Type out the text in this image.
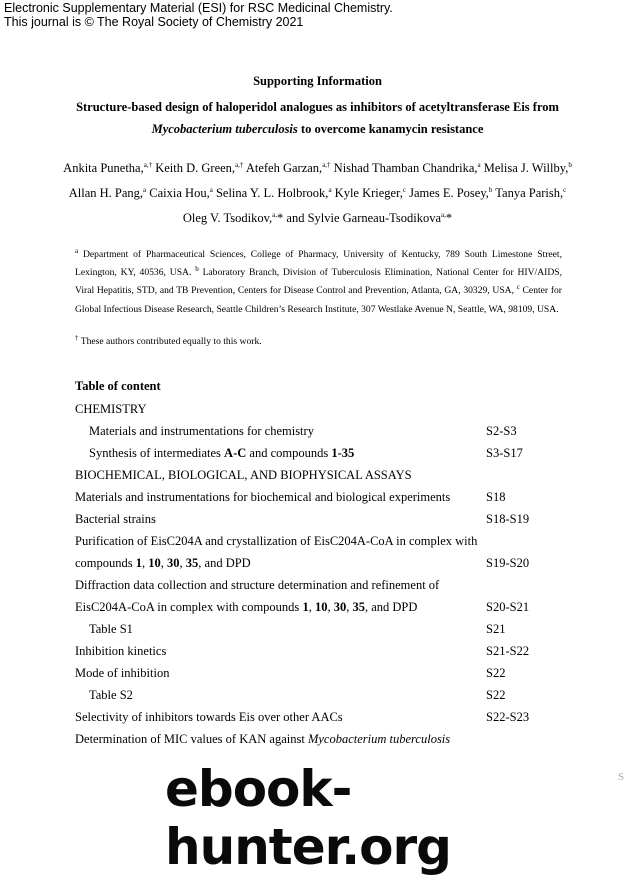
Electronic Supplementary Material (ESI) for RSC Medicinal Chemistry.
This journal is © The Royal Society of Chemistry 2021
Supporting Information
Structure-based design of haloperidol analogues as inhibitors of acetyltransferase Eis from
Mycobacterium tuberculosis to overcome kanamycin resistance
Ankita Punetha,$^{a,\dagger}$ Keith D. Green,$^{a,\dagger}$ Atefeh Garzan,$^{a,\dagger}$ Nishad Thamban Chandrika,$^a$ Melisa J. Willby,$^b$ Allan H. Pang,$^a$ Caixia Hou,$^a$ Selina Y. L. Holbrook,$^a$ Kyle Krieger,$^c$ James E. Posey,$^b$ Tanya Parish,$^c$ Oleg V. Tsodikov,$^{a,}$* and Sylvie Garneau-Tsodikova$^{a,}$*
$^a$ Department of Pharmaceutical Sciences, College of Pharmacy, University of Kentucky, 789 South Limestone Street, Lexington, KY, 40536, USA. $^b$ Laboratory Branch, Division of Tuberculosis Elimination, National Center for HIV/AIDS, Viral Hepatitis, STD, and TB Prevention, Centers for Disease Control and Prevention, Atlanta, GA, 30329, USA, $^c$ Center for Global Infectious Disease Research, Seattle Children’s Research Institute, 307 Westlake Avenue N, Seattle, WA, 98109, USA.
† These authors contributed equally to this work.
Table of content
CHEMISTRY
Materials and instrumentations for chemistry	S2-S3
Synthesis of intermediates A-C and compounds 1-35	S3-S17
BIOCHEMICAL, BIOLOGICAL, AND BIOPHYSICAL ASSAYS
Materials and instrumentations for biochemical and biological experiments	S18
Bacterial strains	S18-S19
Purification of EisC204A and crystallization of EisC204A-CoA in complex with
compounds 1, 10, 30, 35, and DPD	S19-S20
Diffraction data collection and structure determination and refinement of
EisC204A-CoA in complex with compounds 1, 10, 30, 35, and DPD	S20-S21
Table S1	S21
Inhibition kinetics	S21-S22
Mode of inhibition	S22
Table S2	S22
Selectivity of inhibitors towards Eis over other AACs	S22-S23
Determination of MIC values of KAN against Mycobacterium tuberculosis
S
ebook-hunter.org
